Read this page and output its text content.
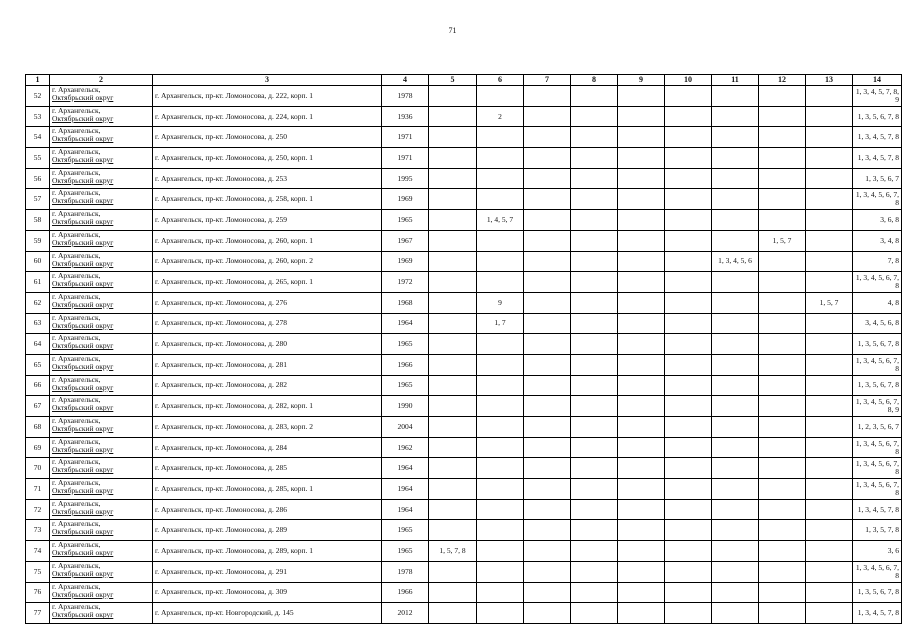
71
1	2	3	4	5	6	7	8	9	10	11	12	13	14
52	г. Архангельск,
Октябрьский округ	г. Архангельск, пр-кт. Ломоносова, д. 222, корп. 1	1978										1, 3, 4, 5, 7, 8, 9
53	г. Архангельск,
Октябрьский округ	г. Архангельск, пр-кт. Ломоносова, д. 224, корп. 1	1936		2								1, 3, 5, 6, 7, 8
54	г. Архангельск,
Октябрьский округ	г. Архангельск, пр-кт. Ломоносова, д. 250	1971										1, 3, 4, 5, 7, 8
55	г. Архангельск,
Октябрьский округ	г. Архангельск, пр-кт. Ломоносова, д. 250, корп. 1	1971										1, 3, 4, 5, 7, 8
56	г. Архангельск,
Октябрьский округ	г. Архангельск, пр-кт. Ломоносова, д. 253	1995										1, 3, 5, 6, 7
57	г. Архангельск,
Октябрьский округ	г. Архангельск, пр-кт. Ломоносова, д. 258, корп. 1	1969										1, 3, 4, 5, 6, 7, 8
58	г. Архангельск,
Октябрьский округ	г. Архангельск, пр-кт. Ломоносова, д. 259	1965		1, 4, 5, 7								3, 6, 8
59	г. Архангельск,
Октябрьский округ	г. Архангельск, пр-кт. Ломоносова, д. 260, корп. 1	1967								1, 5, 7		3, 4, 8
60	г. Архангельск,
Октябрьский округ	г. Архангельск, пр-кт. Ломоносова, д. 260, корп. 2	1969							1, 3, 4, 5, 6			7, 8
61	г. Архангельск,
Октябрьский округ	г. Архангельск, пр-кт. Ломоносова, д. 265, корп. 1	1972										1, 3, 4, 5, 6, 7, 8
62	г. Архангельск,
Октябрьский округ	г. Архангельск, пр-кт. Ломоносова, д. 276	1968		9							1, 5, 7	4, 8
63	г. Архангельск,
Октябрьский округ	г. Архангельск, пр-кт. Ломоносова, д. 278	1964		1, 7								3, 4, 5, 6, 8
64	г. Архангельск,
Октябрьский округ	г. Архангельск, пр-кт. Ломоносова, д. 280	1965										1, 3, 5, 6, 7, 8
65	г. Архангельск,
Октябрьский округ	г. Архангельск, пр-кт. Ломоносова, д. 281	1966										1, 3, 4, 5, 6, 7, 8
66	г. Архангельск,
Октябрьский округ	г. Архангельск, пр-кт. Ломоносова, д. 282	1965										1, 3, 5, 6, 7, 8
67	г. Архангельск,
Октябрьский округ	г. Архангельск, пр-кт. Ломоносова, д. 282, корп. 1	1990										1, 3, 4, 5, 6, 7, 8, 9
68	г. Архангельск,
Октябрьский округ	г. Архангельск, пр-кт. Ломоносова, д. 283, корп. 2	2004										1, 2, 3, 5, 6, 7
69	г. Архангельск,
Октябрьский округ	г. Архангельск, пр-кт. Ломоносова, д. 284	1962										1, 3, 4, 5, 6, 7, 8
70	г. Архангельск,
Октябрьский округ	г. Архангельск, пр-кт. Ломоносова, д. 285	1964										1, 3, 4, 5, 6, 7, 8
71	г. Архангельск,
Октябрьский округ	г. Архангельск, пр-кт. Ломоносова, д. 285, корп. 1	1964										1, 3, 4, 5, 6, 7, 8
72	г. Архангельск,
Октябрьский округ	г. Архангельск, пр-кт. Ломоносова, д. 286	1964										1, 3, 4, 5, 7, 8
73	г. Архангельск,
Октябрьский округ	г. Архангельск, пр-кт. Ломоносова, д. 289	1965										1, 3, 5, 7, 8
74	г. Архангельск,
Октябрьский округ	г. Архангельск, пр-кт. Ломоносова, д. 289, корп. 1	1965	1, 5, 7, 8									3, 6
75	г. Архангельск,
Октябрьский округ	г. Архангельск, пр-кт. Ломоносова, д. 291	1978										1, 3, 4, 5, 6, 7, 8
76	г. Архангельск,
Октябрьский округ	г. Архангельск, пр-кт. Ломоносова, д. 309	1966										1, 3, 5, 6, 7, 8
77	г. Архангельск,
Октябрьский округ	г. Архангельск, пр-кт. Новгородский, д. 145	2012										1, 3, 4, 5, 7, 8
